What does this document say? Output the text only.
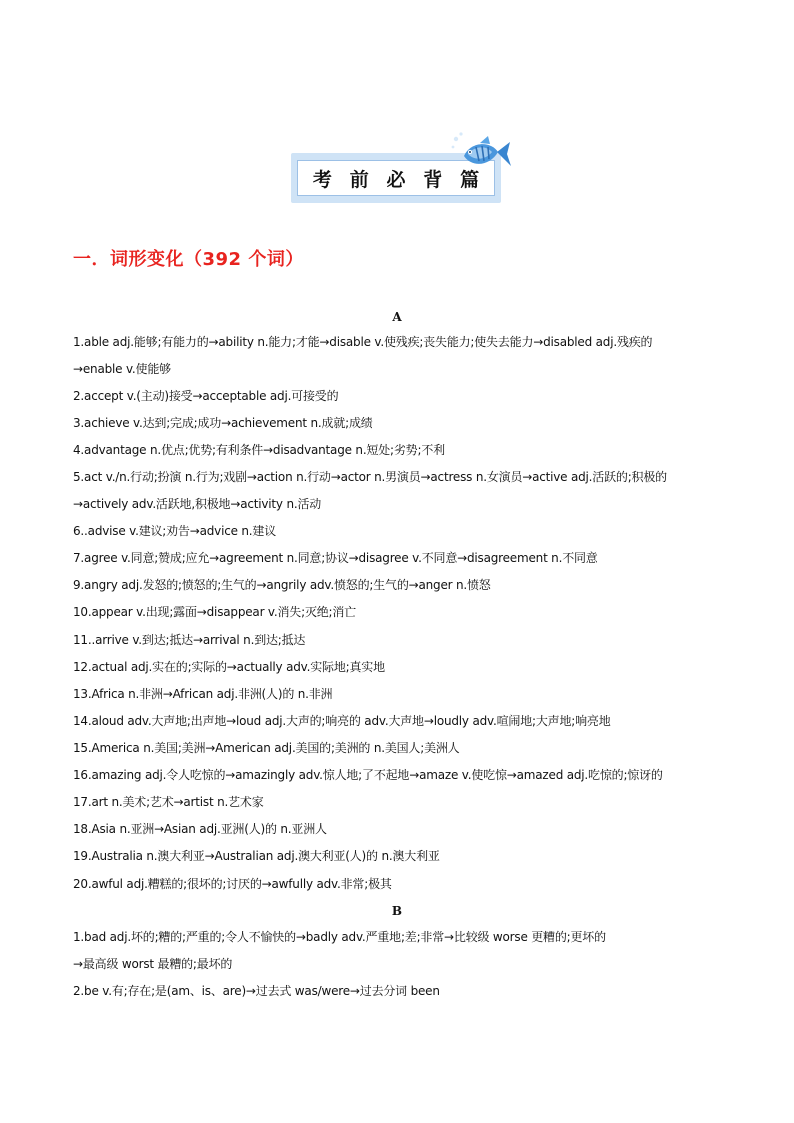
考 前 必 背 篇
一．词形变化（392 个词）
A
1.able adj.能够;有能力的→ability n.能力;才能→disable v.使残疾;丧失能力;使失去能力→disabled adj.残疾的
→enable v.使能够
2.accept v.(主动)接受→acceptable adj.可接受的
3.achieve v.达到;完成;成功→achievement n.成就;成绩
4.advantage n.优点;优势;有利条件→disadvantage n.短处;劣势;不利
5.act v./n.行动;扮演 n.行为;戏剧→action n.行动→actor n.男演员→actress n.女演员→active adj.活跃的;积极的
→actively adv.活跃地,积极地→activity n.活动
6..advise v.建议;劝告→advice n.建议
7.agree v.同意;赞成;应允→agreement n.同意;协议→disagree v.不同意→disagreement n.不同意
9.angry adj.发怒的;愤怒的;生气的→angrily adv.愤怒的;生气的→anger n.愤怒
10.appear v.出现;露面→disappear v.消失;灭绝;消亡
11..arrive v.到达;抵达→arrival n.到达;抵达
12.actual adj.实在的;实际的→actually adv.实际地;真实地
13.Africa n.非洲→African adj.非洲(人)的 n.非洲
14.aloud adv.大声地;出声地→loud adj.大声的;响亮的 adv.大声地→loudly adv.喧闹地;大声地;响亮地
15.America n.美国;美洲→American adj.美国的;美洲的 n.美国人;美洲人
16.amazing adj.令人吃惊的→amazingly adv.惊人地;了不起地→amaze v.使吃惊→amazed adj.吃惊的;惊讶的
17.art n.美术;艺术→artist n.艺术家
18.Asia n.亚洲→Asian adj.亚洲(人)的 n.亚洲人
19.Australia n.澳大利亚→Australian adj.澳大利亚(人)的 n.澳大利亚
20.awful adj.糟糕的;很坏的;讨厌的→awfully adv.非常;极其
B
1.bad adj.坏的;糟的;严重的;令人不愉快的→badly adv.严重地;差;非常→比较级 worse 更糟的;更坏的
→最高级 worst 最糟的;最坏的
2.be v.有;存在;是(am、is、are)→过去式 was/were→过去分词 been
